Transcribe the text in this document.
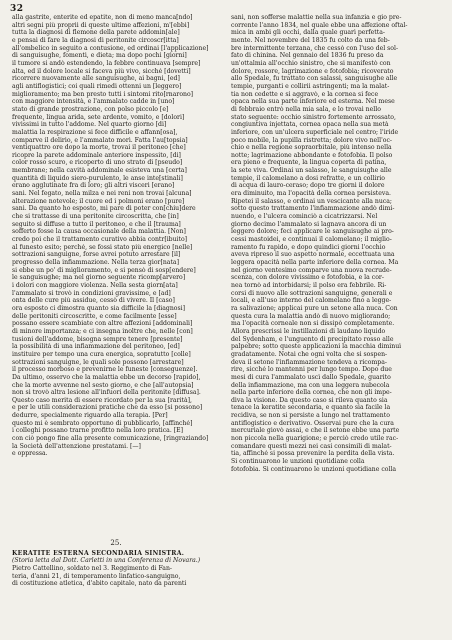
32
alla gastrite, enterite ed epatite, non di meno manca[ndo]
altri segni più proprii di queste ultime affezioni, m'[ebbi]
tutta la diagnosi di flemone della parete addomin[ale]
e pensai di fare la diagnosi di peritonite circoscr[itta]
all'ombelico in seguito a contusione, ed ordinai [l'applicazione]
di sanguisughe, fomenti, e dieta; ma dopo pochi [giorni]
il tumore si andò estendendo, la febbre continuava [sempre]
alta, ed il dolore locale si faceva più vivo, sicché [dovetti]
ricorrere nuovamente alle sanguisughe, ai bagni, [ed]
agli antiflogistici; coi quali rimedi ottenni un [leggero]
miglioramento; ma ben presto tutti i sintomi rito[rnarono]
con maggiore intensità, e l'ammalato cadde in [uno]
stato di grande prostrazione, con polso piccolo [e]
frequente, lingua arida, sete ardente, vomito, e [dolori]
vivissimi in tutto l'addome. Nel quarto giorno [di]
malattia la respirazione si fece difficile e affann[osa],
comparve il delirio, e l'ammalato morì. Fatta l'au[topsia]
ventiquattro ore dopo la morte, trovai il peritoneo [che]
ricopre la parete addominale anteriore inspessito, [di]
color rosso scuro, e ricoperto di uno strato di [pseudo]
membrane; nella cavità addominale esisteva una [certa]
quantità di liquido siero-purulento, le anse inte[stinali]
erano agglutinate fra di loro; gli altri visceri [erano]
sani. Nel fegato, nella milza e nei reni non trovai [alcuna]
alterazione notevole; il cuore ed i polmoni erano [pure]
sani. Da quanto ho esposto, mi pare di poter con[chiu]dere
che si trattasse di una peritonite circoscritta, che [in]
seguito si diffuse a tutto il peritoneo, e che il [trauma]
sofferto fosse la causa occasionale della malattia. [Non]
credo poi che il trattamento curativo abbia contr[ibuito]
al funesto esito; perché, se fossi stato più energico [nelle]
sottrazioni sanguigne, forse avrei potuto arrestare [il]
progresso della infiammazione. Nella terza gior[nata]
si ebbe un po' di miglioramento, e si pensò di sosp[endere]
le sanguisughe; ma nel giorno seguente ricomp[arvero]
i dolori con maggiore violenza. Nella sesta giorn[ata]
l'ammalato si trovò in condizioni gravissime, e [ad]
onta delle cure più assidue, cessò di vivere. Il [caso]
ora esposto ci dimostra quanto sia difficile la [diagnosi]
delle peritoniti circoscritte, e come facilmente [esse]
possano essere scambiate con altre affezioni [addominali]
di minore importanza; e ci insegna inoltre che, nelle [con]
tusioni dell'addome, bisogna sempre tenere [presente]
la possibilità di una infiammazione del peritoneo, [ed]
instituire per tempo una cura energica, sopratutto [colle]
sottrazioni sanguigne, le quali sole possono [arrestare]
il processo morboso e prevenirne le funeste [conseguenze].
Da ultimo, osservo che la malattia ebbe un decorso [rapido],
che la morte avvenne nel sesto giorno, e che [all'autopsia]
non si trovò altra lesione all'infuori della peritonite [diffusa].
Questo caso merita di essere ricordato per la sua [rarità],
e per le utili considerazioni pratiche che da esso [si possono]
dedurre, specialmente riguardo alla terapia. [Per]
questo mi è sembrato opportuno di pubblicarlo, [affinché]
i colleghi possano trarne profitto nella loro pratica. [E]
con ciò pongo fine alla presente comunicazione, [ringraziando]
la Società dell'attenzione prestatami. [—]
e oppressa.
25.
KERATITE ESTERNA SECONDARIA SINISTRA.
(Storia letta dal Dott. Carletti in una Conferenza di Novara.)
Pietro Cattellino, soldato nel 3. Reggimento di Fan-
teria, d'anni 21, di temperamento linfatico-sanguigno,
di costituzione atletica, d'abito capitale, nato da parenti
sani, non sofferse malattie nella sua infanzia e gio pre-
corrente l'anno 1834, nel quale ebbe una affezione oftal-
mica in ambi gli occhi, dalla quale guarì perfetta-
mente. Nel novembre del 1835 fu colto da una feb-
bre intermittente terzana, che cessò con l'uso del sol-
fato di chinina. Nel gennaio del 1836 fu preso da
un'ottalmia all'occhio sinistro, che si manifestò con
dolore, rossore, lagrimazione e fotofobia; ricoverato
allo Spedale, fu trattato con salassi, sanguisughe alle
tempie, purganti e collirii astringenti; ma la malat-
tia non cedette e si aggravò, e la cornea si fece
opaca nella sua parte inferiore ed esterna. Nel mese
di febbraio entrò nella mia sala, e lo trovai nello
stato seguente: occhio sinistro fortemente arrossato,
congiuntiva injettata, cornea opaca nella sua metà
inferiore, con un'ulcera superficiale nel centro; l'iride
poco mobile, la pupilla ristretta; dolore vivo nell'oc-
chio e nella regione sopraorbitale, più intenso nella
notte; lagrimazione abbondante e fotofobia. Il polso
era pieno e frequente, la lingua coperta di patina,
la sete viva. Ordinai un salasso, le sanguisughe alle
tempie, il calomelano a dosi refratte, e un collirio
di acqua di lauro-ceraso; dopo tre giorni il dolore
era diminuito, ma l'opacità della cornea persisteva.
Ripetei il salasso, e ordinai un vescicante alla nuca;
sotto questo trattamento l'infiammazione andò dimi-
nuendo, e l'ulcera cominciò a cicatrizzarsi. Nel
giorno decimo l'ammalato si lagnava ancora di un
leggero dolore; feci applicare le sanguisughe ai pro-
cessi mastoidei, e continuai il calomelano; il miglio-
ramento fu rapido, e dopo quindici giorni l'occhio
aveva ripreso il suo aspetto normale, eccettuata una
leggera opacità nella parte inferiore della cornea. Ma
nel giorno ventesimo comparve una nuova recrude-
scenza, con dolore vivissimo e fotofobia, e la cor-
nea tornò ad intorbidarsi; il polso era febbrile. Ri-
corsi di nuovo alle sottrazioni sanguigne, generali e
locali, e all'uso interno del calomelano fino a legge-
ra salivazione; applicai pure un setone alla nuca. Con
questa cura la malattia andò di nuovo migliorando;
ma l'opacità corneale non si dissipò completamente.
Allora prescrissi le instillazioni di laudano liquido
del Sydenham, e l'unguento di precipitato rosso alle
palpebre; sotto queste applicazioni la macchia diminuì
gradatamente. Notai che ogni volta che si sospen-
deva il setone l'infiammazione tendeva a ricompa-
rire, sicché lo mantenni per lungo tempo. Dopo due
mesi di cura l'ammalato uscì dallo Spedale, guarito
della infiammazione, ma con una leggera nubecola
nella parte inferiore della cornea, che non gli impe-
diva la visione. Da questo caso si rileva quanto sia
tenace la keratite secondaria, e quanto sia facile la
recidiva, se non si persiste a lungo nel trattamento
antiflogistico e derivativo. Osservai pure che la cura
mercuriale giovò assai, e che il setone ebbe una parte
non piccola nella guarigione; e perciò credo utile rac-
comandare questi mezzi nei casi consimili di malat-
tia, affinché si possa prevenire la perdita della vista.
Si continuarono le unzioni quotidiane colla
fotofobia. Si continuarono le unzioni quotidiane colla
